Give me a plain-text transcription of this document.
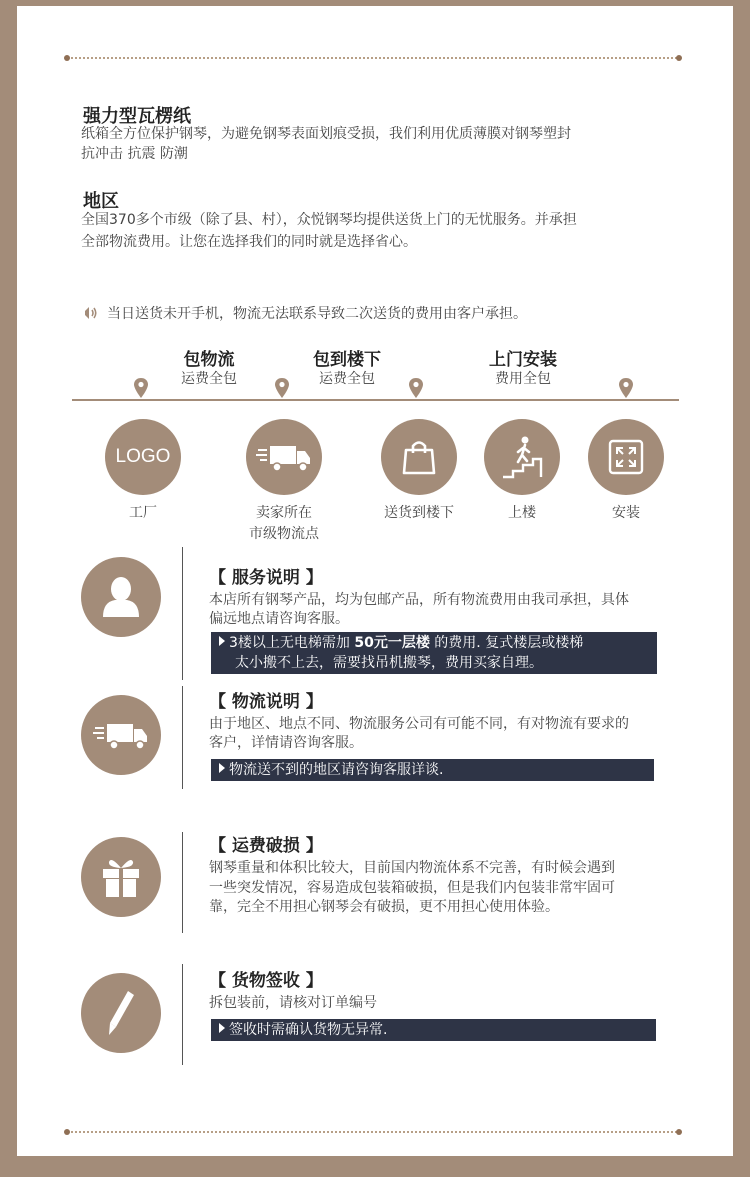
强力型瓦楞纸
纸箱全方位保护钢琴，为避免钢琴表面划痕受损，我们利用优质薄膜对钢琴塑封
抗冲击 抗震 防潮
地区
全国370多个市级（除了县、村），众悦钢琴均提供送货上门的无忧服务。并承担
全部物流费用。让您在选择我们的同时就是选择省心。
当日送货未开手机，物流无法联系导致二次送货的费用由客户承担。
包物流
运费全包
包到楼下
运费全包
上门安装
费用全包
LOGO
工厂	卖家所在
市级物流点
送货到楼下	上楼	安装
【 服务说明 】
本店所有钢琴产品，均为包邮产品，所有物流费用由我司承担，具体
偏远地点请咨询客服。
3楼以上无电梯需加 50元一层楼 的费用. 复式楼层或楼梯
太小搬不上去，需要找吊机搬琴，费用买家自理。
【 物流说明 】
由于地区、地点不同、物流服务公司有可能不同，有对物流有要求的
客户，详情请咨询客服。
物流送不到的地区请咨询客服详谈.
【 运费破损 】
钢琴重量和体积比较大，目前国内物流体系不完善，有时候会遇到
一些突发情况，容易造成包装箱破损，但是我们内包装非常牢固可
靠，完全不用担心钢琴会有破损，更不用担心使用体验。
【 货物签收 】
拆包装前，请核对订单编号
签收时需确认货物无异常.
